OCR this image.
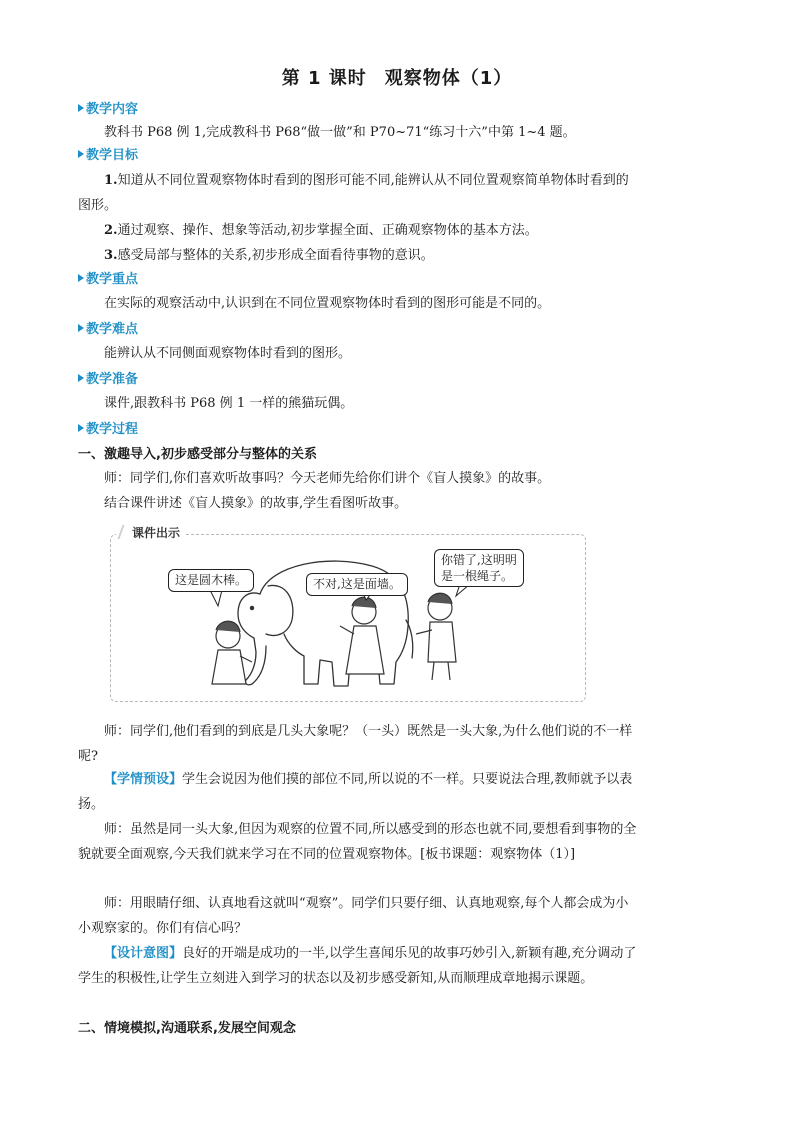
第 1 课时 观察物体（1）
教学内容
教科书 P68 例 1,完成教科书 P68“做一做”和 P70~71“练习十六”中第 1~4 题。
教学目标
1.知道从不同位置观察物体时看到的图形可能不同,能辨认从不同位置观察简单物体时看到的图形。
2.通过观察、操作、想象等活动,初步掌握全面、正确观察物体的基本方法。
3.感受局部与整体的关系,初步形成全面看待事物的意识。
教学重点
在实际的观察活动中,认识到在不同位置观察物体时看到的图形可能是不同的。
教学难点
能辨认从不同侧面观察物体时看到的图形。
教学准备
课件,跟教科书 P68 例 1 一样的熊猫玩偶。
教学过程
一、激趣导入,初步感受部分与整体的关系
师：同学们,你们喜欢听故事吗？今天老师先给你们讲个《盲人摸象》的故事。
结合课件讲述《盲人摸象》的故事,学生看图听故事。
课件出示
这是圆木棒。	不对,这是面墙。
你错了,这明明
是一根绳子。
师：同学们,他们看到的到底是几头大象呢？（一头）既然是一头大象,为什么他们说的不一样呢?
【学情预设】学生会说因为他们摸的部位不同,所以说的不一样。只要说法合理,教师就予以表扬。
师：虽然是同一头大象,但因为观察的位置不同,所以感受到的形态也就不同,要想看到事物的全貌就要全面观察,今天我们就来学习在不同的位置观察物体。[板书课题：观察物体（1）]
师：用眼睛仔细、认真地看这就叫“观察”。同学们只要仔细、认真地观察,每个人都会成为小小观察家的。你们有信心吗？
【设计意图】良好的开端是成功的一半,以学生喜闻乐见的故事巧妙引入,新颖有趣,充分调动了学生的积极性,让学生立刻进入到学习的状态以及初步感受新知,从而顺理成章地揭示课题。
二、情境模拟,沟通联系,发展空间观念
